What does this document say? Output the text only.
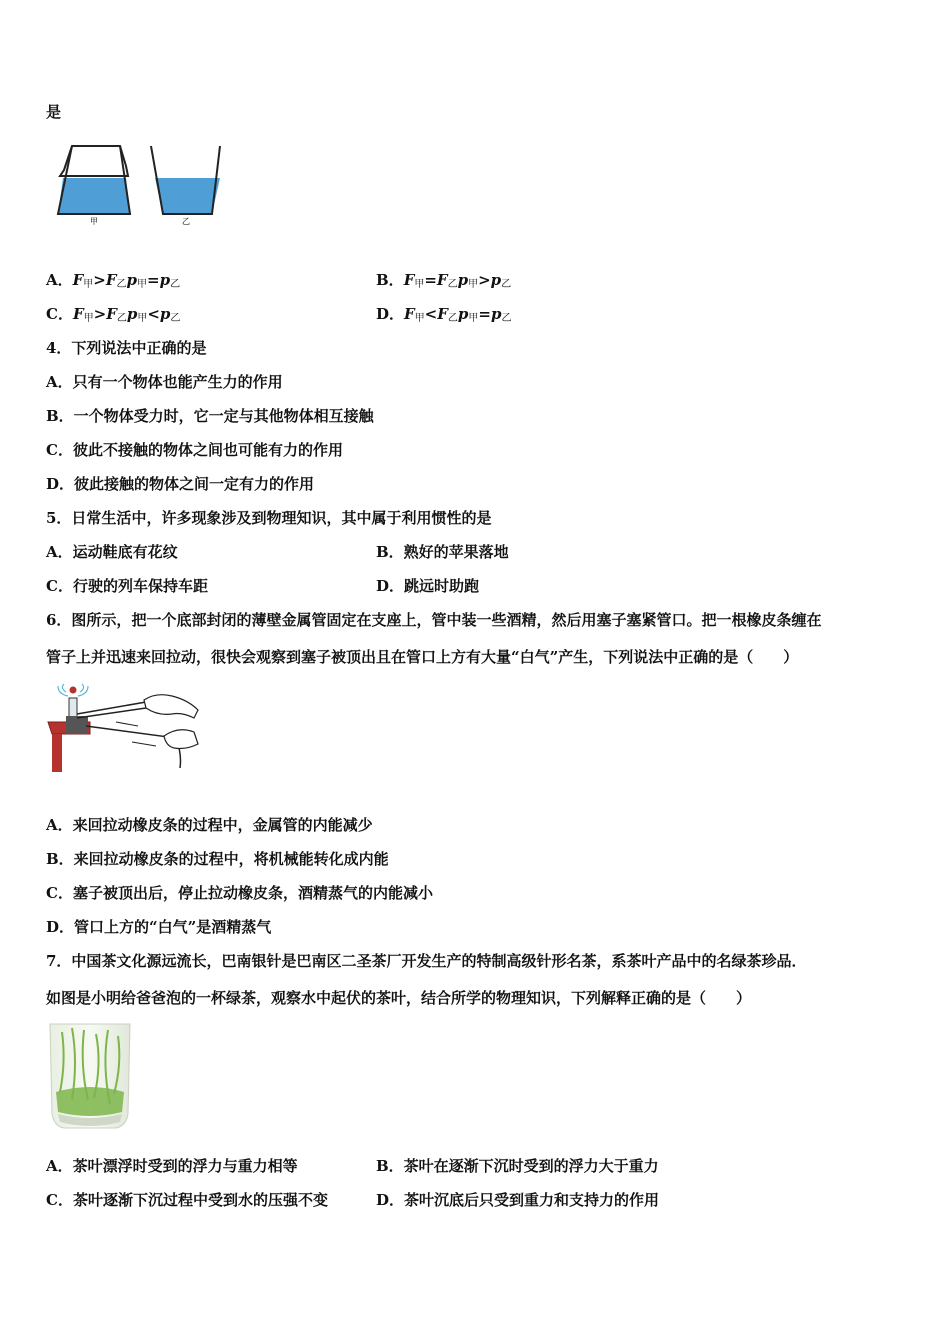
是
甲	乙
A．$F_甲>F_乙p_甲=p_乙$	B．$F_甲=F_乙p_甲>p_乙$
C．$F_甲>F_乙p_甲<p_乙$	D．$F_甲<F_乙p_甲=p_乙$
4．下列说法中正确的是
A．只有一个物体也能产生力的作用
B．一个物体受力时，它一定与其他物体相互接触
C．彼此不接触的物体之间也可能有力的作用
D．彼此接触的物体之间一定有力的作用
5．日常生活中，许多现象涉及到物理知识，其中属于利用惯性的是
A．运动鞋底有花纹	B．熟好的苹果落地
C．行驶的列车保持车距	D．跳远时助跑
6．图所示，把一个底部封闭的薄壁金属管固定在支座上，管中装一些酒精，然后用塞子塞紧管口。把一根橡皮条缠在
管子上并迅速来回拉动，很快会观察到塞子被顶出且在管口上方有大量“白气”产生，下列说法中正确的是（　　）
A．来回拉动橡皮条的过程中，金属管的内能减少
B．来回拉动橡皮条的过程中，将机械能转化成内能
C．塞子被顶出后，停止拉动橡皮条，酒精蒸气的内能减小
D．管口上方的“白气”是酒精蒸气
7．中国茶文化源远流长，巴南银针是巴南区二圣茶厂开发生产的特制高级针形名茶，系茶叶产品中的名绿茶珍品．
如图是小明给爸爸泡的一杯绿茶，观察水中起伏的茶叶，结合所学的物理知识，下列解释正确的是（　　）
A．茶叶漂浮时受到的浮力与重力相等	B．茶叶在逐渐下沉时受到的浮力大于重力
C．茶叶逐渐下沉过程中受到水的压强不变	D．茶叶沉底后只受到重力和支持力的作用
